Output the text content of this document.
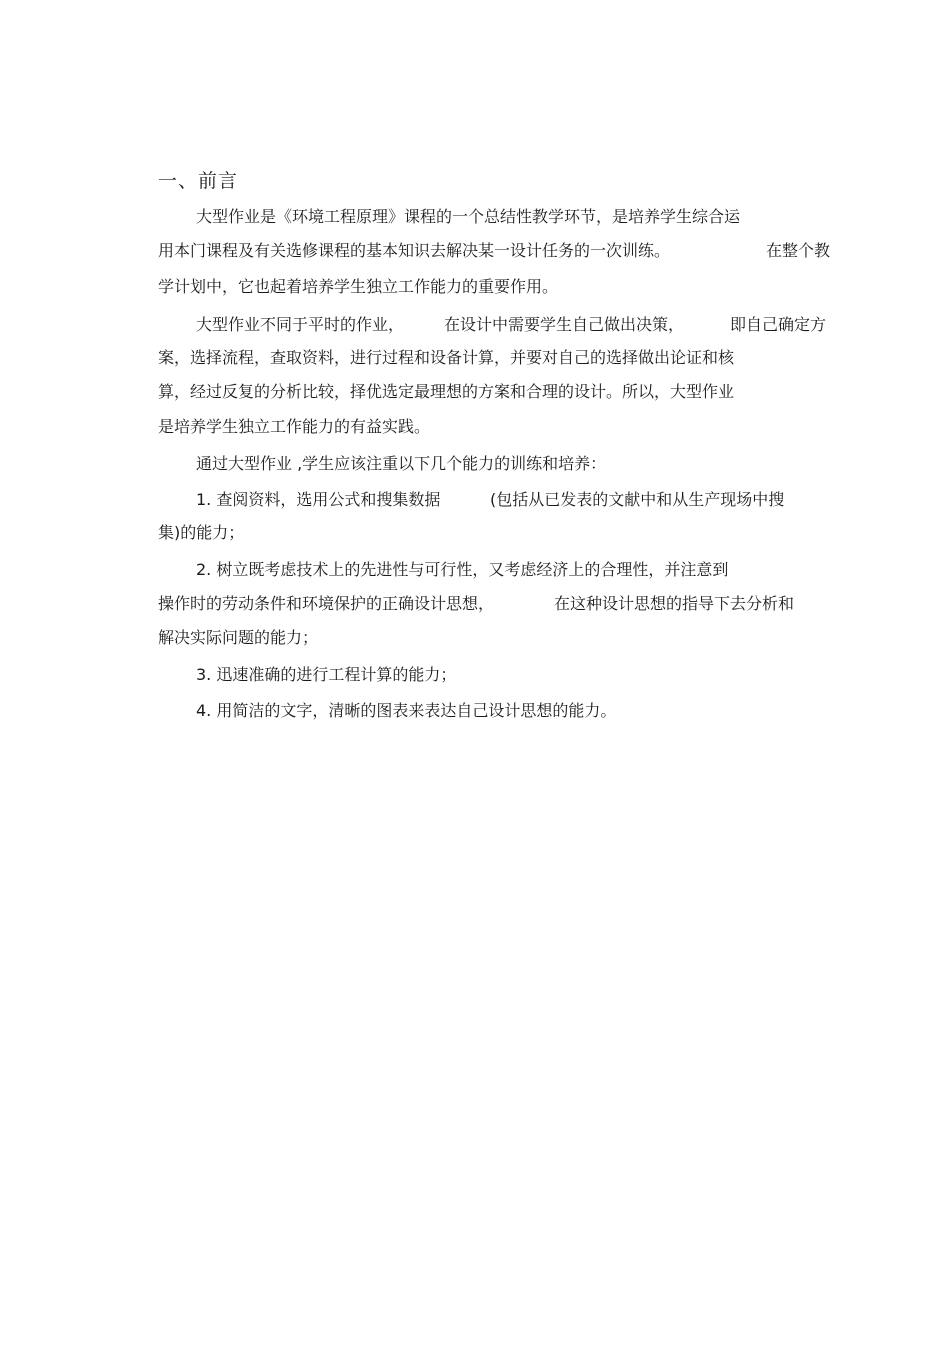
一、前言
大型作业是《环境工程原理》课程的一个总结性教学环节，是培养学生综合运
用本门课程及有关选修课程的基本知识去解决某一设计任务的一次训练。	在整个教
学计划中，它也起着培养学生独立工作能力的重要作用。
大型作业不同于平时的作业， 在设计中需要学生自己做出决策，	即自己确定方
案，选择流程，查取资料，进行过程和设备计算，并要对自己的选择做出论证和核
算，经过反复的分析比较，择优选定最理想的方案和合理的设计。所以，大型作业
是培养学生独立工作能力的有益实践。
通过大型作业 ,学生应该注重以下几个能力的训练和培养：
1. 查阅资料，选用公式和搜集数据	(包括从已发表的文献中和从生产现场中搜
集)的能力；
2. 树立既考虑技术上的先进性与可行性，又考虑经济上的合理性，并注意到
操作时的劳动条件和环境保护的正确设计思想，	在这种设计思想的指导下去分析和
解决实际问题的能力；
3. 迅速准确的进行工程计算的能力；
4. 用简洁的文字，清晰的图表来表达自己设计思想的能力。
